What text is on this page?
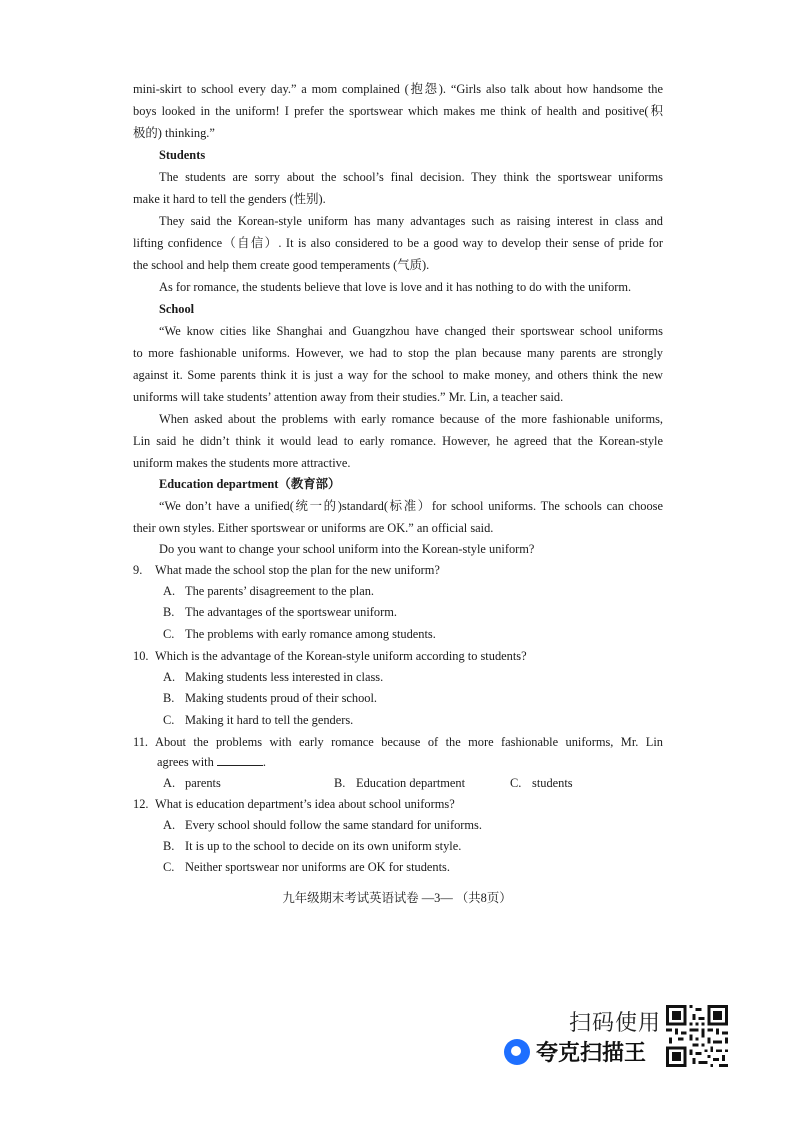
mini-skirt to school every day.” a mom complained (抱怨). “Girls also talk about how handsome the
boys looked in the uniform! I prefer the sportswear which makes me think of health and positive(积
极的) thinking.”
Students
The students are sorry about the school’s final decision. They think the sportswear uniforms
make it hard to tell the genders (性别).
They said the Korean-style uniform has many advantages such as raising interest in class and
lifting confidence（自信）. It is also considered to be a good way to develop their sense of pride for
the school and help them create good temperaments (气质).
As for romance, the students believe that love is love and it has nothing to do with the uniform.
School
“We know cities like Shanghai and Guangzhou have changed their sportswear school uniforms
to more fashionable uniforms. However, we had to stop the plan because many parents are strongly
against it. Some parents think it is just a way for the school to make money, and others think the new
uniforms will take students’ attention away from their studies.” Mr. Lin, a teacher said.
When asked about the problems with early romance because of the more fashionable uniforms,
Lin said he didn’t think it would lead to early romance. However, he agreed that the Korean-style
uniform makes the students more attractive.
Education department（教育部）
“We don’t have a unified(统一的)standard(标准）for school uniforms. The schools can choose
their own styles. Either sportswear or uniforms are OK.” an official said.
Do you want to change your school uniform into the Korean-style uniform?
9. What made the school stop the plan for the new uniform?
A. The parents’ disagreement to the plan.
B. The advantages of the sportswear uniform.
C. The problems with early romance among students.
10. Which is the advantage of the Korean-style uniform according to students?
A. Making students less interested in class.
B. Making students proud of their school.
C. Making it hard to tell the genders.
11. About the problems with early romance because of the more fashionable uniforms, Mr. Lin
agrees with	.
A. parents	B. Education department	C. students
12. What is education department’s idea about school uniforms?
A. Every school should follow the same standard for uniforms.
B. It is up to the school to decide on its own uniform style.
C. Neither sportswear nor uniforms are OK for students.
九年级期末考试英语试卷 —3— （共8页）
扫码使用
夸克扫描王
